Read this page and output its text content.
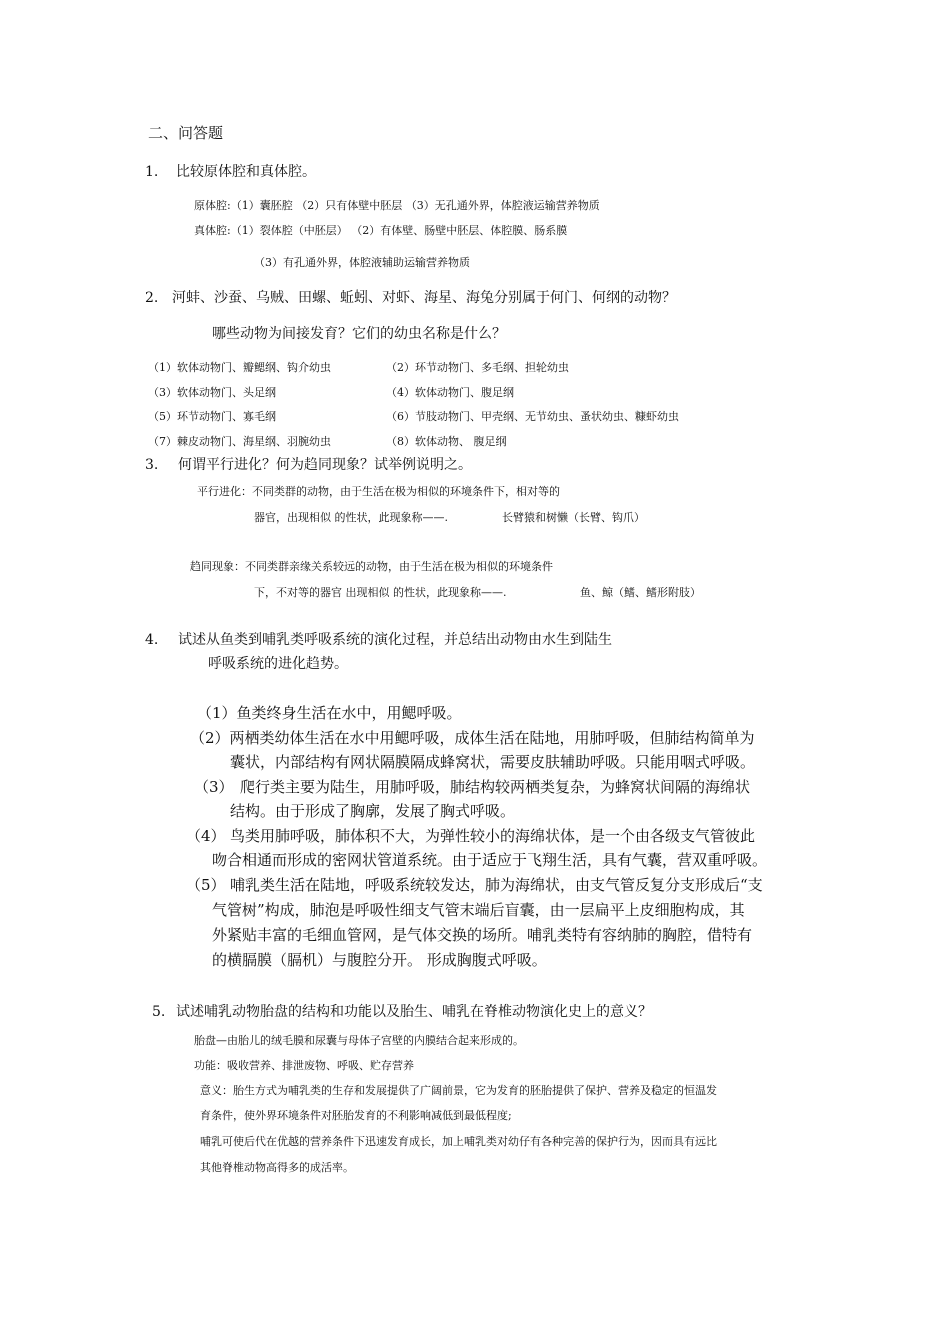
二、问答题
1. 比较原体腔和真体腔。
原体腔:（1）囊胚腔 （2）只有体壁中胚层 （3）无孔通外界，体腔液运输营养物质
真体腔:（1）裂体腔（中胚层） （2）有体壁、肠壁中胚层、体腔膜、肠系膜
（3）有孔通外界，体腔液辅助运输营养物质
2. 河蚌、沙蚕、乌贼、田螺、蚯蚓、对虾、海星、海兔分别属于何门、何纲的动物？
哪些动物为间接发育？它们的幼虫名称是什么？
（1）软体动物门、瓣鳃纲、钩介幼虫	（2）环节动物门、多毛纲、担轮幼虫
（3）软体动物门、头足纲	（4）软体动物门、腹足纲
（5）环节动物门、寡毛纲	（6）节肢动物门、甲壳纲、无节幼虫、蚤状幼虫、糠虾幼虫
（7）棘皮动物门、海星纲、羽腕幼虫	（8）软体动物、 腹足纲
3. 何谓平行进化？何为趋同现象？试举例说明之。
平行进化：不同类群的动物，由于生活在极为相似的环境条件下，相对等的
器官，出现相似 的性状，此现象称——.	长臂猿和树懒（长臂、钩爪）
趋同现象：不同类群亲缘关系较远的动物，由于生活在极为相似的环境条件
下，不对等的器官 出现相似 的性状，此现象称——.	鱼、鲸（鳍、鳍形附肢）
4. 试述从鱼类到哺乳类呼吸系统的演化过程，并总结出动物由水生到陆生
呼吸系统的进化趋势。
（1）鱼类终身生活在水中，用鳃呼吸。
（2）两栖类幼体生活在水中用鳃呼吸，成体生活在陆地，用肺呼吸，但肺结构简单为
囊状，内部结构有网状隔膜隔成蜂窝状，需要皮肤辅助呼吸。只能用咽式呼吸。
（3） 爬行类主要为陆生，用肺呼吸，肺结构较两栖类复杂，为蜂窝状间隔的海绵状
结构。由于形成了胸廓，发展了胸式呼吸。
（4） 鸟类用肺呼吸，肺体积不大，为弹性较小的海绵状体，是一个由各级支气管彼此
吻合相通而形成的密网状管道系统。由于适应于飞翔生活，具有气囊，营双重呼吸。
（5） 哺乳类生活在陆地，呼吸系统较发达，肺为海绵状，由支气管反复分支形成后“支
气管树”构成，肺泡是呼吸性细支气管末端后盲囊，由一层扁平上皮细胞构成，其
外紧贴丰富的毛细血管网，是气体交换的场所。哺乳类特有容纳肺的胸腔，借特有
的横膈膜（膈机）与腹腔分开。 形成胸腹式呼吸。
5. 试述哺乳动物胎盘的结构和功能以及胎生、哺乳在脊椎动物演化史上的意义？
胎盘—由胎儿的绒毛膜和尿囊与母体子宫壁的内膜结合起来形成的。
功能：吸收营养、排泄废物、呼吸、贮存营养
意义：胎生方式为哺乳类的生存和发展提供了广阔前景，它为发育的胚胎提供了保护、营养及稳定的恒温发
育条件，使外界环境条件对胚胎发育的不利影响减低到最低程度;
哺乳可使后代在优越的营养条件下迅速发育成长，加上哺乳类对幼仔有各种完善的保护行为，因而具有远比
其他脊椎动物高得多的成活率。
